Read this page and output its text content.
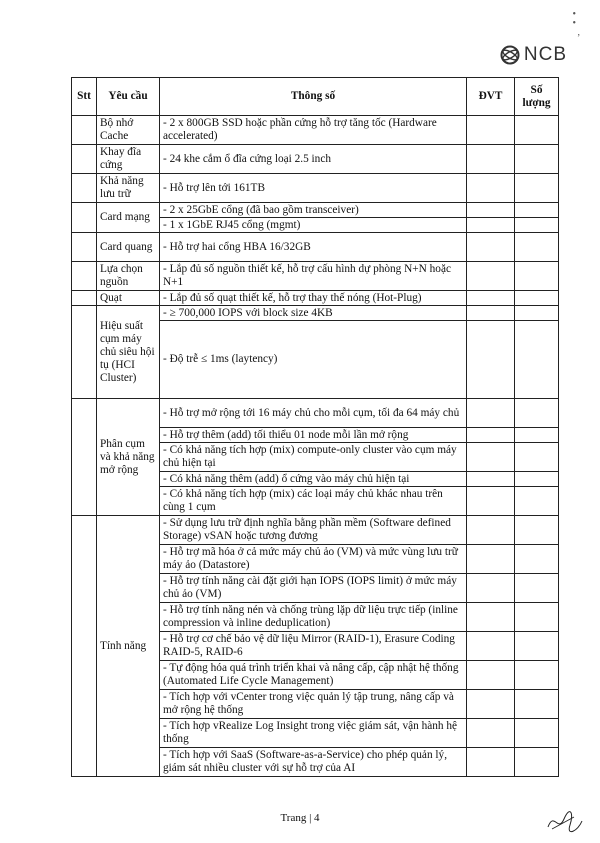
•
•
,
NCB
Stt	Yêu cầu	Thông số	ĐVT	Số lượng
	Bộ nhớ Cache	- 2 x 800GB SSD hoặc phần cứng hỗ trợ tăng tốc (Hardware accelerated)		
	Khay đĩa cứng	- 24 khe cắm ổ đĩa cứng loại 2.5 inch		
	Khả năng lưu trữ	- Hỗ trợ lên tới 161TB		
	Card mạng	- 2 x 25GbE cổng (đã bao gồm transceiver)		
		- 1 x 1GbE RJ45 cổng (mgmt)		
	Card quang	- Hỗ trợ hai cổng HBA 16/32GB		
	Lựa chọn nguồn	- Lắp đủ số nguồn thiết kế, hỗ trợ cấu hình dự phòng N+N hoặc N+1		
	Quạt	- Lắp đủ số quạt thiết kế, hỗ trợ thay thế nóng (Hot-Plug)		
	Hiệu suất cụm máy chủ siêu hội tụ (HCI Cluster)	- ≥ 700,000 IOPS với block size 4KB		
		- Độ trễ ≤ 1ms (laytency)		
	Phân cụm và khả năng mở rộng	- Hỗ trợ mở rộng tới 16 máy chủ cho mỗi cụm, tối đa 64 máy chủ		
		- Hỗ trợ thêm (add) tối thiểu 01 node mỗi lần mở rộng		
		- Có khả năng tích hợp (mix) compute-only cluster vào cụm máy chủ hiện tại		
		- Có khả năng thêm (add) ổ cứng vào máy chủ hiện tại		
		- Có khả năng tích hợp (mix) các loại máy chủ khác nhau trên cùng 1 cụm		
	Tính năng	- Sử dụng lưu trữ định nghĩa bằng phần mềm (Software defined Storage) vSAN hoặc tương đương		
		- Hỗ trợ mã hóa ở cả mức máy chủ ảo (VM) và mức vùng lưu trữ máy ảo (Datastore)		
		- Hỗ trợ tính năng cài đặt giới hạn IOPS (IOPS limit) ở mức máy chủ ảo (VM)		
		- Hỗ trợ tính năng nén và chống trùng lặp dữ liệu trực tiếp (inline compression và inline deduplication)		
		- Hỗ trợ cơ chế bảo vệ dữ liệu Mirror (RAID-1), Erasure Coding RAID-5, RAID-6		
		- Tự động hóa quá trình triển khai và nâng cấp, cập nhật hệ thống (Automated Life Cycle Management)		
		- Tích hợp với vCenter trong việc quản lý tập trung, nâng cấp và mở rộng hệ thống		
		- Tích hợp vRealize Log Insight trong việc giám sát, vận hành hệ thống		
		- Tích hợp với SaaS (Software-as-a-Service) cho phép quản lý, giám sát nhiều cluster với sự hỗ trợ của AI		
Trang | 4
